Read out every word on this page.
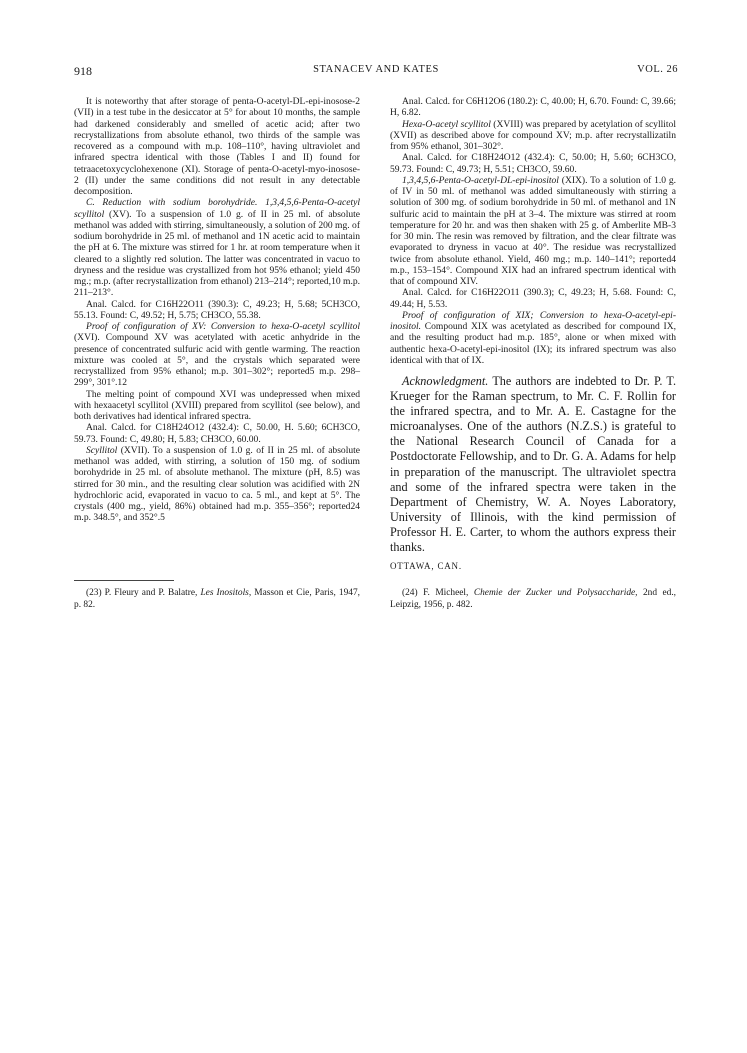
918	STANACEV AND KATES	VOL. 26

It is noteworthy that after storage of penta-O-acetyl-DL-epi-inosose-2 (VII) in a test tube in the desiccator at 5° for about 10 months, the sample had darkened considerably and smelled of acetic acid; after two recrystallizations from absolute ethanol, two thirds of the sample was recovered as a compound with m.p. 108–110°, having ultraviolet and infrared spectra identical with those (Tables I and II) found for tetraacetoxycyclohexenone (XI). Storage of penta-O-acetyl-myo-inosose-2 (II) under the same conditions did not result in any detectable decomposition.

C. Reduction with sodium borohydride. 1,3,4,5,6-Penta-O-acetyl scyllitol (XV). To a suspension of 1.0 g. of II in 25 ml. of absolute methanol was added with stirring, simultaneously, a solution of 200 mg. of sodium borohydride in 25 ml. of methanol and 1N acetic acid to maintain the pH at 6. The mixture was stirred for 1 hr. at room temperature when it cleared to a slightly red solution. The latter was concentrated in vacuo to dryness and the residue was crystallized from hot 95% ethanol; yield 450 mg.; m.p. (after recrystallization from ethanol) 213–214°; reported,10 m.p. 211–213°.

Anal. Calcd. for C16H22O11 (390.3): C, 49.23; H, 5.68; 5CH3CO, 55.13. Found: C, 49.52; H, 5.75; CH3CO, 55.38.

Proof of configuration of XV: Conversion to hexa-O-acetyl scyllitol (XVI). Compound XV was acetylated with acetic anhydride in the presence of concentrated sulfuric acid with gentle warming. The reaction mixture was cooled at 5°, and the crystals which separated were recrystallized from 95% ethanol; m.p. 301–302°; reported5 m.p. 298–299°, 301°.12

The melting point of compound XVI was undepressed when mixed with hexaacetyl scyllitol (XVIII) prepared from scyllitol (see below), and both derivatives had identical infrared spectra.

Anal. Calcd. for C18H24O12 (432.4): C, 50.00, H. 5.60; 6CH3CO, 59.73. Found: C, 49.80; H, 5.83; CH3CO, 60.00.

Scyllitol (XVII). To a suspension of 1.0 g. of II in 25 ml. of absolute methanol was added, with stirring, a solution of 150 mg. of sodium borohydride in 25 ml. of absolute methanol. The mixture (pH, 8.5) was stirred for 30 min., and the resulting clear solution was acidified with 2N hydrochloric acid, evaporated in vacuo to ca. 5 ml., and kept at 5°. The crystals (400 mg., yield, 86%) obtained had m.p. 355–356°; reported24 m.p. 348.5°, and 352°.5

Anal. Calcd. for C6H12O6 (180.2): C, 40.00; H, 6.70. Found: C, 39.66; H, 6.82.

Hexa-O-acetyl scyllitol (XVIII) was prepared by acetylation of scyllitol (XVII) as described above for compound XV; m.p. after recrystallizatiln from 95% ethanol, 301–302°.

Anal. Calcd. for C18H24O12 (432.4): C, 50.00; H, 5.60; 6CH3CO, 59.73. Found: C, 49.73; H, 5.51; CH3CO, 59.60.

1,3,4,5,6-Penta-O-acetyl-DL-epi-inositol (XIX). To a solution of 1.0 g. of IV in 50 ml. of methanol was added simultaneously with stirring a solution of 300 mg. of sodium borohydride in 50 ml. of methanol and 1N sulfuric acid to maintain the pH at 3–4. The mixture was stirred at room temperature for 20 hr. and was then shaken with 25 g. of Amberlite MB-3 for 30 min. The resin was removed by filtration, and the clear filtrate was evaporated to dryness in vacuo at 40°. The residue was recrystallized twice from absolute ethanol. Yield, 460 mg.; m.p. 140–141°; reported4 m.p., 153–154°. Compound XIX had an infrared spectrum identical with that of compound XIV.

Anal. Calcd. for C16H22O11 (390.3); C, 49.23; H, 5.68. Found: C, 49.44; H, 5.53.

Proof of configuration of XIX; Conversion to hexa-O-acetyl-epi-inositol. Compound XIX was acetylated as described for compound IX, and the resulting product had m.p. 185°, alone or when mixed with authentic hexa-O-acetyl-epi-inositol (IX); its infrared spectrum was also identical with that of IX.

Acknowledgment. The authors are indebted to Dr. P. T. Krueger for the Raman spectrum, to Mr. C. F. Rollin for the infrared spectra, and to Mr. A. E. Castagne for the microanalyses. One of the authors (N.Z.S.) is grateful to the National Research Council of Canada for a Postdoctorate Fellowship, and to Dr. G. A. Adams for help in preparation of the manuscript. The ultraviolet spectra and some of the infrared spectra were taken in the Department of Chemistry, W. A. Noyes Laboratory, University of Illinois, with the kind permission of Professor H. E. Carter, to whom the authors express their thanks.

OTTAWA, CAN.

(23) P. Fleury and P. Balatre, Les Inositols, Masson et Cie, Paris, 1947, p. 82.
(24) F. Micheel, Chemie der Zucker und Polysaccharide, 2nd ed., Leipzig, 1956, p. 482.
